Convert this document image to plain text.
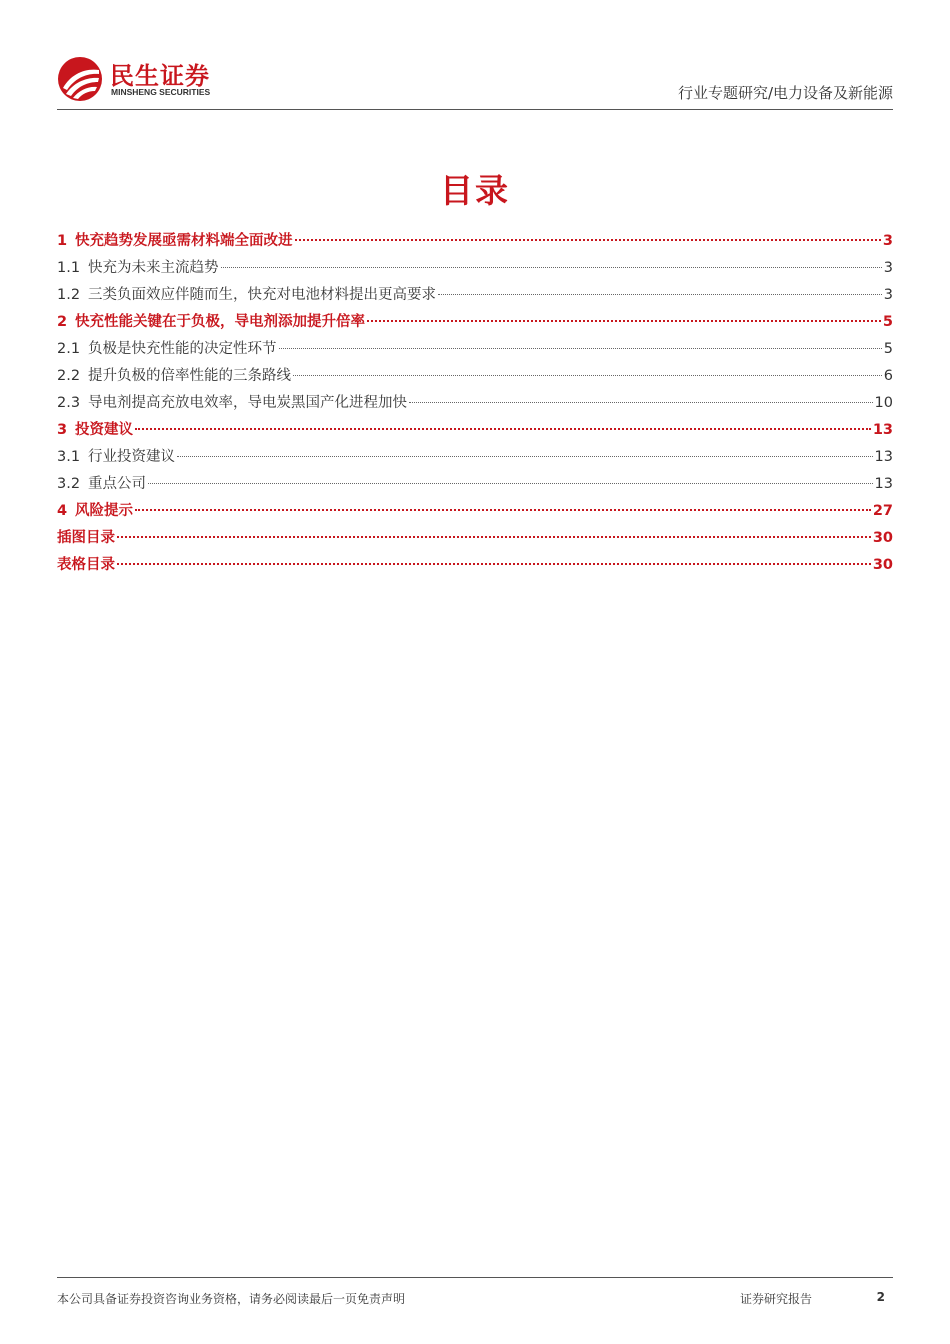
民生证券
MINSHENG SECURITIES	行业专题研究/电力设备及新能源
目录
1 快充趋势发展亟需材料端全面改进	3
1.1 快充为未来主流趋势	3
1.2 三类负面效应伴随而生，快充对电池材料提出更高要求	3
2 快充性能关键在于负极，导电剂添加提升倍率	5
2.1 负极是快充性能的决定性环节	5
2.2 提升负极的倍率性能的三条路线	6
2.3 导电剂提高充放电效率，导电炭黑国产化进程加快	10
3 投资建议	13
3.1 行业投资建议	13
3.2 重点公司	13
4 风险提示	27
插图目录	30
表格目录	30
本公司具备证券投资咨询业务资格，请务必阅读最后一页免责声明	证券研究报告	2
